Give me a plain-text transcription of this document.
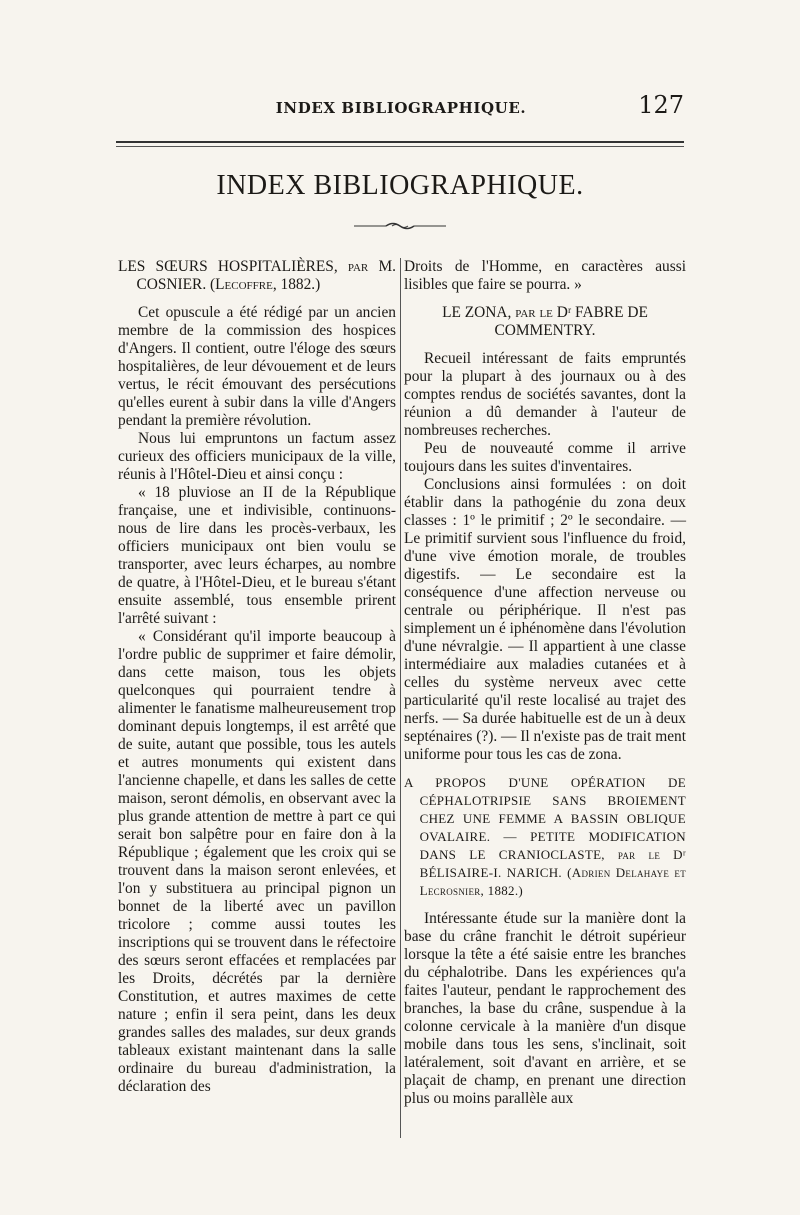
INDEX BIBLIOGRAPHIQUE.	127
INDEX BIBLIOGRAPHIQUE.

LES SŒURS HOSPITALIÈRES, par M. COSNIER. (Lecoffre, 1882.)

Cet opuscule a été rédigé par un ancien membre de la commission des hospices d'Angers. Il contient, outre l'éloge des sœurs hospitalières, de leur dévouement et de leurs vertus, le récit émouvant des persécutions qu'elles eurent à subir dans la ville d'Angers pendant la première révolution.

Nous lui empruntons un factum assez curieux des officiers municipaux de la ville, réunis à l'Hôtel-Dieu et ainsi conçu :

« 18 pluviose an II de la République française, une et indivisible, continuons-nous de lire dans les procès-verbaux, les officiers municipaux ont bien voulu se transporter, avec leurs écharpes, au nombre de quatre, à l'Hôtel-Dieu, et le bureau s'étant ensuite assemblé, tous ensemble prirent l'arrêté suivant :

« Considérant qu'il importe beaucoup à l'ordre public de supprimer et faire démolir, dans cette maison, tous les objets quelconques qui pourraient tendre à alimenter le fanatisme malheureusement trop dominant depuis longtemps, il est arrêté que de suite, autant que possible, tous les autels et autres monuments qui existent dans l'ancienne chapelle, et dans les salles de cette maison, seront démolis, en observant avec la plus grande attention de mettre à part ce qui serait bon salpêtre pour en faire don à la République ; également que les croix qui se trouvent dans la maison seront enlevées, et l'on y substituera au principal pignon un bonnet de la liberté avec un pavillon tricolore ; comme aussi toutes les inscriptions qui se trouvent dans le réfectoire des sœurs seront effacées et remplacées par les Droits, décrétés par la dernière Constitution, et autres maximes de cette nature ; enfin il sera peint, dans les deux grandes salles des malades, sur deux grands tableaux existant maintenant dans la salle ordinaire du bureau d'administration, la déclaration des

Droits de l'Homme, en caractères aussi lisibles que faire se pourra. »

LE ZONA, par le Dʳ FABRE DE COMMENTRY.

Recueil intéressant de faits empruntés pour la plupart à des journaux ou à des comptes rendus de sociétés savantes, dont la réunion a dû demander à l'auteur de nombreuses recherches.

Peu de nouveauté comme il arrive toujours dans les suites d'inventaires.

Conclusions ainsi formulées : on doit établir dans la pathogénie du zona deux classes : 1º le primitif ; 2º le secondaire. — Le primitif survient sous l'influence du froid, d'une vive émotion morale, de troubles digestifs. — Le secondaire est la conséquence d'une affection nerveuse ou centrale ou périphérique. Il n'est pas simplement un é iphénomène dans l'évolution d'une névralgie. — Il appartient à une classe intermédiaire aux maladies cutanées et à celles du système nerveux avec cette particularité qu'il reste localisé au trajet des nerfs. — Sa durée habituelle est de un à deux septénaires (?). — Il n'existe pas de trait ment uniforme pour tous les cas de zona.

A PROPOS D'UNE OPÉRATION DE CÉPHALOTRIPSIE SANS BROIEMENT CHEZ UNE FEMME A BASSIN OBLIQUE OVALAIRE. — PETITE MODIFICATION DANS LE CRANIOCLASTE, par le Dʳ BÉLISAIRE-I. NARICH. (Adrien Delahaye et Lecrosnier, 1882.)

Intéressante étude sur la manière dont la base du crâne franchit le détroit supérieur lorsque la tête a été saisie entre les branches du céphalotribe. Dans les expériences qu'a faites l'auteur, pendant le rapprochement des branches, la base du crâne, suspendue à la colonne cervicale à la manière d'un disque mobile dans tous les sens, s'inclinait, soit latéralement, soit d'avant en arrière, et se plaçait de champ, en prenant une direction plus ou moins parallèle aux
